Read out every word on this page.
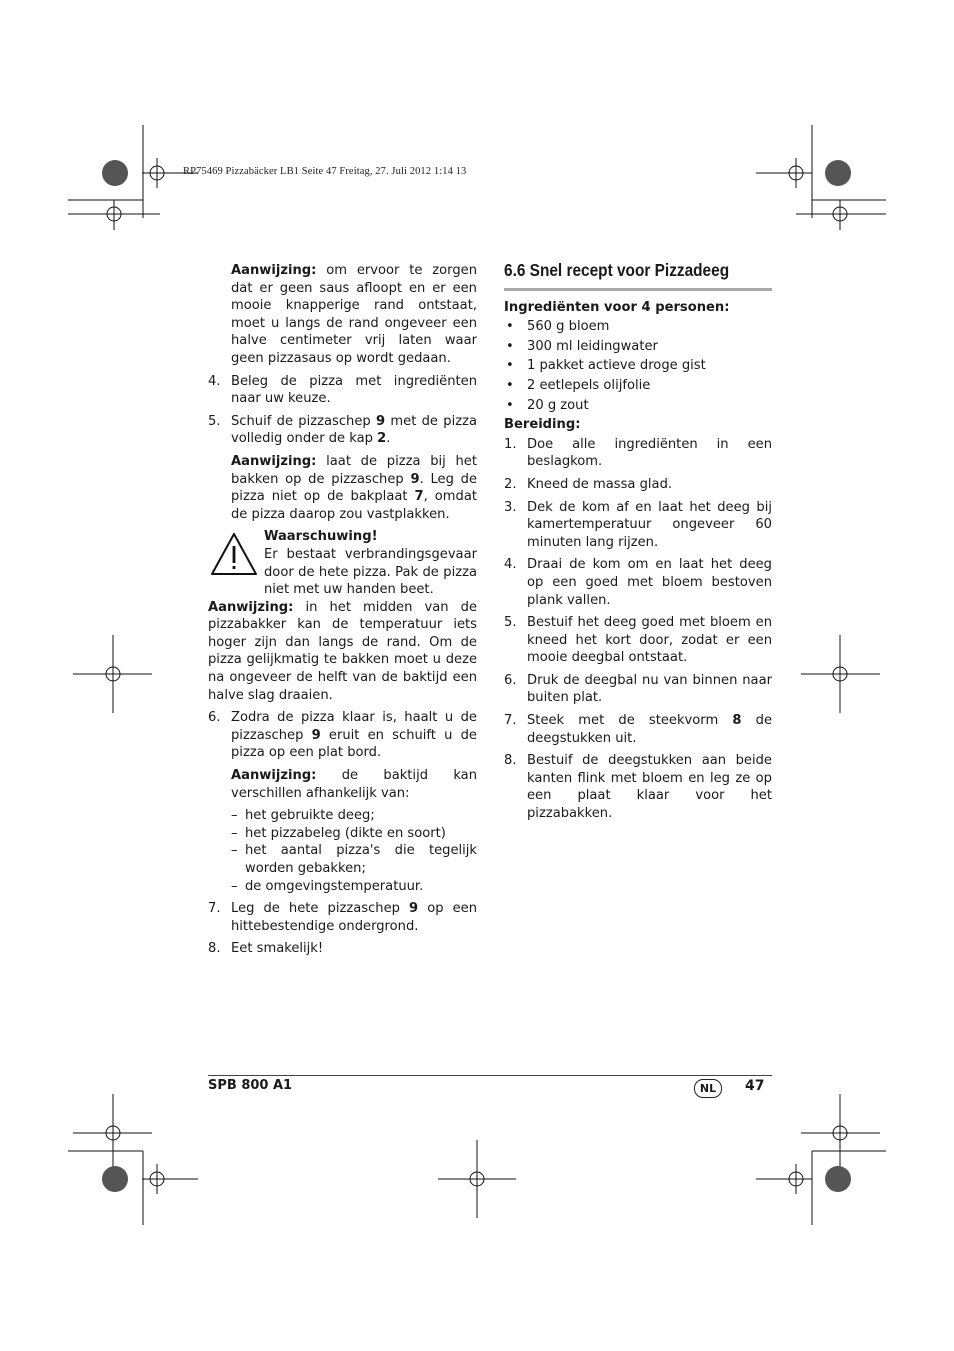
RP75469 Pizzabäcker LB1 Seite 47 Freitag, 27. Juli 2012 1:14 13

Aanwijzing: om ervoor te zorgen dat er geen saus afloopt en er een mooie knapperige rand ontstaat, moet u langs de rand ongeveer een halve centimeter vrij laten waar geen pizzasaus op wordt gedaan.

4. Beleg de pizza met ingrediënten naar uw keuze.
5. Schuif de pizzaschep 9 met de pizza volledig onder de kap 2.

Aanwijzing: laat de pizza bij het bakken op de pizzaschep 9. Leg de pizza niet op de bakplaat 7, omdat de pizza daarop zou vastplakken.

Waarschuwing!

Er bestaat verbrandingsgevaar door de hete pizza. Pak de pizza niet met uw handen beet.

Aanwijzing: in het midden van de pizzabakker kan de temperatuur iets hoger zijn dan langs de rand. Om de pizza gelijkmatig te bakken moet u deze na ongeveer de helft van de baktijd een halve slag draaien.

6. Zodra de pizza klaar is, haalt u de pizzaschep 9 eruit en schuift u de pizza op een plat bord.

Aanwijzing: de baktijd kan verschillen afhankelijk van:

– het gebruikte deeg;
– het pizzabeleg (dikte en soort)
– het aantal pizza's die tegelijk worden gebakken;
– de omgevingstemperatuur.
7. Leg de hete pizzaschep 9 op een hittebestendige ondergrond.
8. Eet smakelijk!
6.6 Snel recept voor Pizzadeeg

Ingrediënten voor 4 personen:

• 560 g bloem
• 300 ml leidingwater
• 1 pakket actieve droge gist
• 2 eetlepels olijfolie
• 20 g zout

Bereiding:

1. Doe alle ingrediënten in een beslagkom.
2. Kneed de massa glad.
3. Dek de kom af en laat het deeg bij kamertemperatuur ongeveer 60 minuten lang rijzen.
4. Draai de kom om en laat het deeg op een goed met bloem bestoven plank vallen.
5. Bestuif het deeg goed met bloem en kneed het kort door, zodat er een mooie deegbal ontstaat.
6. Druk de deegbal nu van binnen naar buiten plat.
7. Steek met de steekvorm 8 de deegstukken uit.
8. Bestuif de deegstukken aan beide kanten flink met bloem en leg ze op een plaat klaar voor het pizzabakken.
SPB 800 A1	NL	47
